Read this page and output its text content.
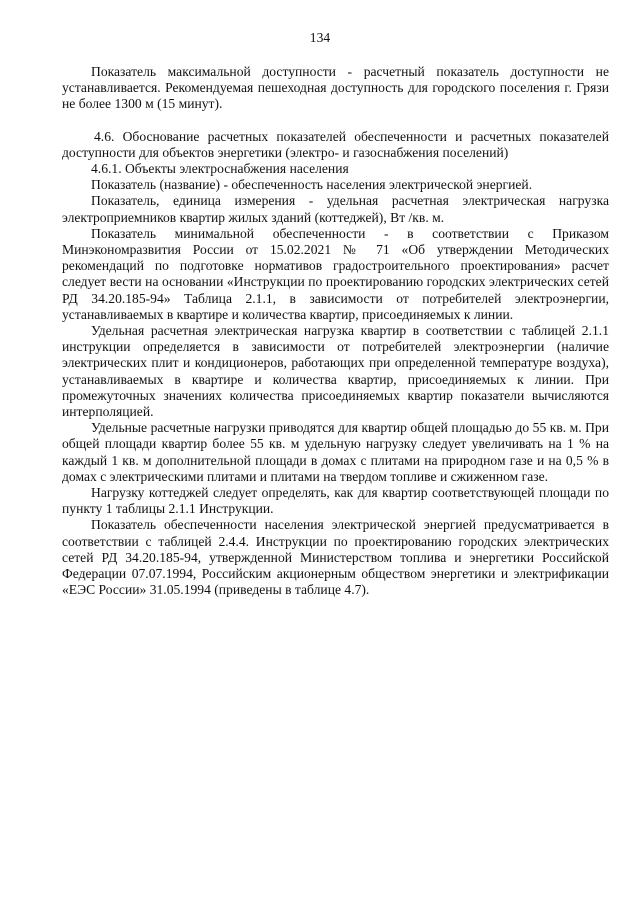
134

Показатель максимальной доступности - расчетный показатель доступности не устанавливается. Рекомендуемая пешеходная доступность для городского поселения г. Грязи не более 1300 м (15 минут).

4.6. Обоснование расчетных показателей обеспеченности и расчетных показателей доступности для объектов энергетики (электро- и газоснабжения поселений)

4.6.1. Объекты электроснабжения населения

Показатель (название) - обеспеченность населения электрической энергией.

Показатель, единица измерения - удельная расчетная электрическая нагрузка электроприемников квартир жилых зданий (коттеджей), Вт /кв. м.

Показатель минимальной обеспеченности - в соответствии с Приказом Минэкономразвития России от 15.02.2021 № 71 «Об утверждении Методических рекомендаций по подготовке нормативов градостроительного проектирования» расчет следует вести на основании «Инструкции по проектированию городских электрических сетей РД 34.20.185-94» Таблица 2.1.1, в зависимости от потребителей электроэнергии, устанавливаемых в квартире и количества квартир, присоединяемых к линии.

Удельная расчетная электрическая нагрузка квартир в соответствии с таблицей 2.1.1 инструкции определяется в зависимости от потребителей электроэнергии (наличие электрических плит и кондиционеров, работающих при определенной температуре воздуха), устанавливаемых в квартире и количества квартир, присоединяемых к линии. При промежуточных значениях количества присоединяемых квартир показатели вычисляются интерполяцией.

Удельные расчетные нагрузки приводятся для квартир общей площадью до 55 кв. м. При общей площади квартир более 55 кв. м удельную нагрузку следует увеличивать на 1 % на каждый 1 кв. м дополнительной площади в домах с плитами на природном газе и на 0,5 % в домах с электрическими плитами и плитами на твердом топливе и сжиженном газе.

Нагрузку коттеджей следует определять, как для квартир соответствующей площади по пункту 1 таблицы 2.1.1 Инструкции.

Показатель обеспеченности населения электрической энергией предусматривается в соответствии с таблицей 2.4.4. Инструкции по проектированию городских электрических сетей РД 34.20.185-94, утвержденной Министерством топлива и энергетики Российской Федерации 07.07.1994, Российским акционерным обществом энергетики и электрификации «ЕЭС России» 31.05.1994 (приведены в таблице 4.7).
